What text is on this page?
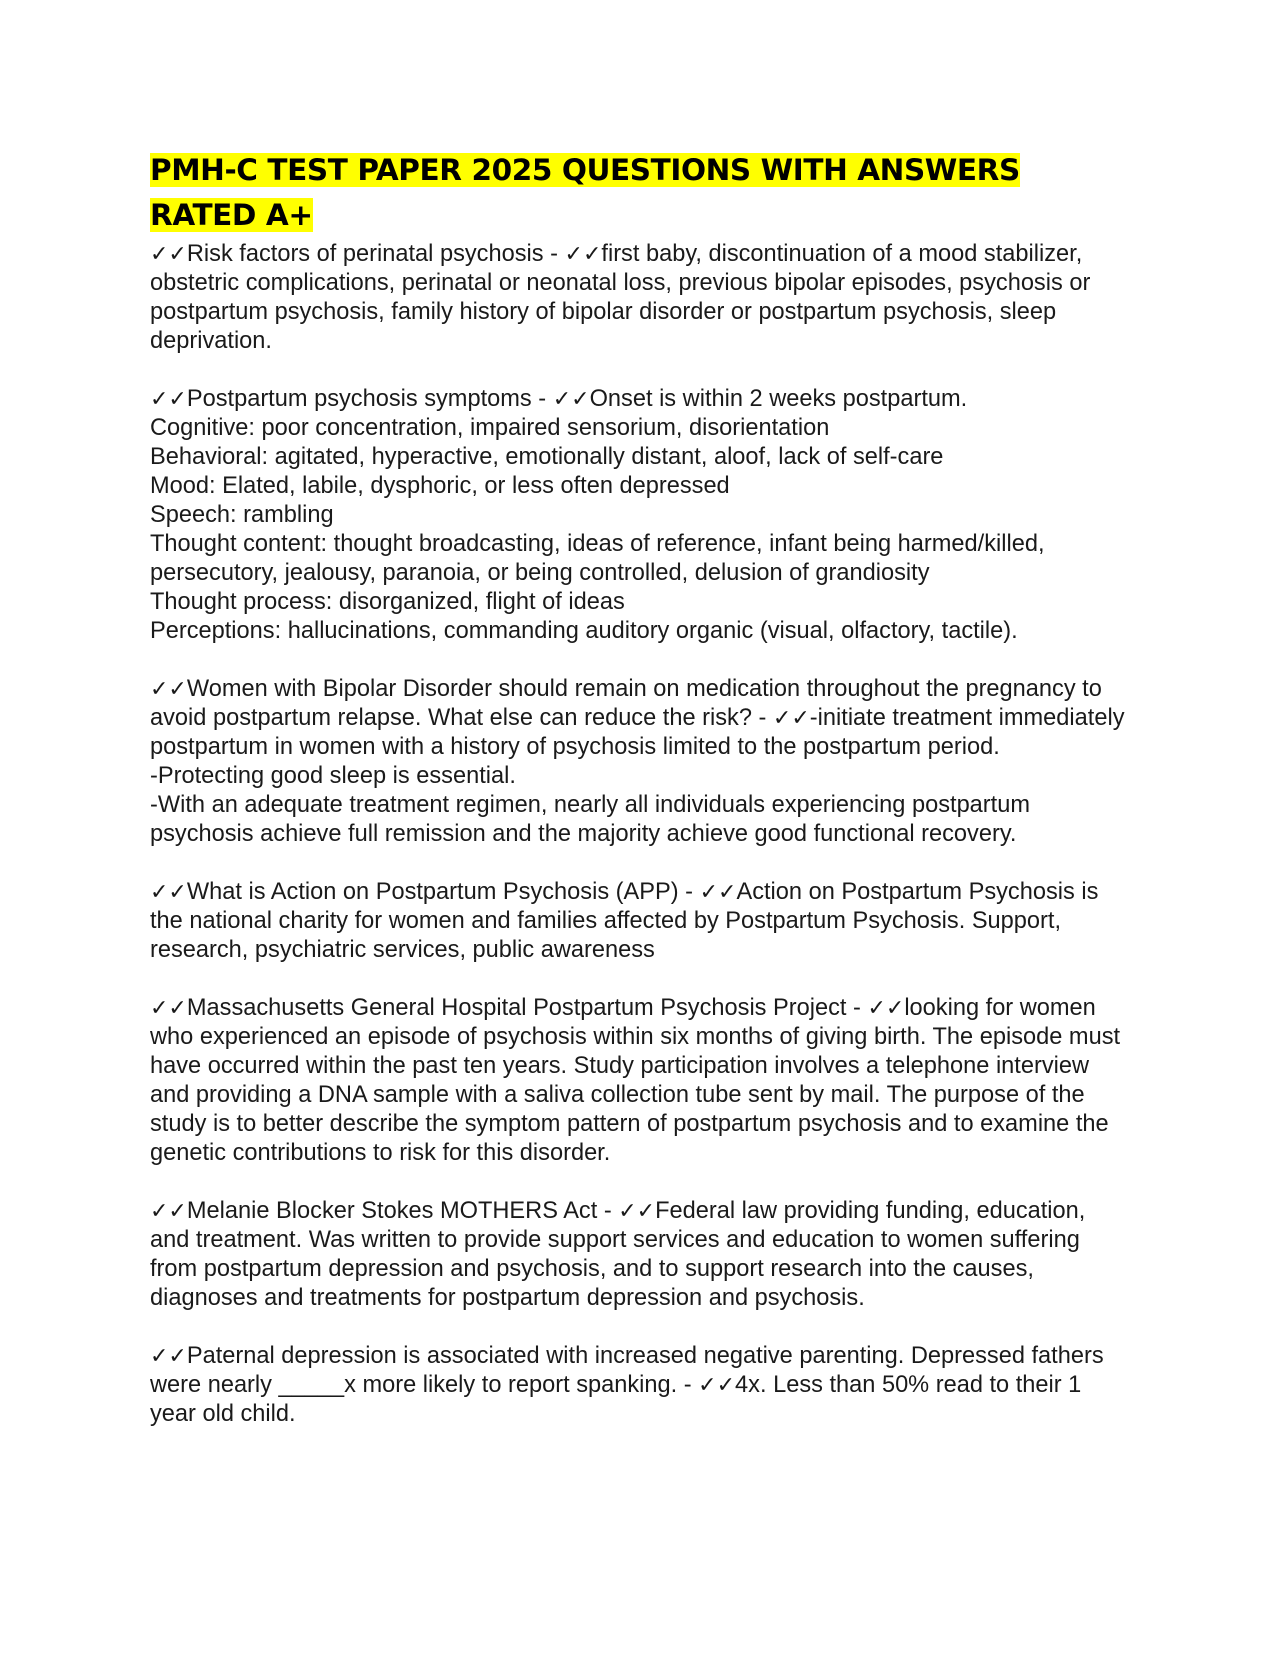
PMH-C TEST PAPER 2025 QUESTIONS WITH ANSWERS RATED A+
✓✓Risk factors of perinatal psychosis - ✓✓first baby, discontinuation of a mood stabilizer, obstetric complications, perinatal or neonatal loss, previous bipolar episodes, psychosis or postpartum psychosis, family history of bipolar disorder or postpartum psychosis, sleep deprivation.
✓✓Postpartum psychosis symptoms - ✓✓Onset is within 2 weeks postpartum.
Cognitive: poor concentration, impaired sensorium, disorientation
Behavioral: agitated, hyperactive, emotionally distant, aloof, lack of self-care
Mood: Elated, labile, dysphoric, or less often depressed
Speech: rambling
Thought content: thought broadcasting, ideas of reference, infant being harmed/killed, persecutory, jealousy, paranoia, or being controlled, delusion of grandiosity
Thought process: disorganized, flight of ideas
Perceptions: hallucinations, commanding auditory organic (visual, olfactory, tactile).
✓✓Women with Bipolar Disorder should remain on medication throughout the pregnancy to avoid postpartum relapse. What else can reduce the risk? - ✓✓-initiate treatment immediately postpartum in women with a history of psychosis limited to the postpartum period.
-Protecting good sleep is essential.
-With an adequate treatment regimen, nearly all individuals experiencing postpartum psychosis achieve full remission and the majority achieve good functional recovery.
✓✓What is Action on Postpartum Psychosis (APP) - ✓✓Action on Postpartum Psychosis is the national charity for women and families affected by Postpartum Psychosis. Support, research, psychiatric services, public awareness
✓✓Massachusetts General Hospital Postpartum Psychosis Project - ✓✓looking for women who experienced an episode of psychosis within six months of giving birth. The episode must have occurred within the past ten years. Study participation involves a telephone interview and providing a DNA sample with a saliva collection tube sent by mail. The purpose of the study is to better describe the symptom pattern of postpartum psychosis and to examine the genetic contributions to risk for this disorder.
✓✓Melanie Blocker Stokes MOTHERS Act - ✓✓Federal law providing funding, education, and treatment. Was written to provide support services and education to women suffering from postpartum depression and psychosis, and to support research into the causes, diagnoses and treatments for postpartum depression and psychosis.
✓✓Paternal depression is associated with increased negative parenting. Depressed fathers were nearly _____x more likely to report spanking. - ✓✓4x. Less than 50% read to their 1 year old child.
